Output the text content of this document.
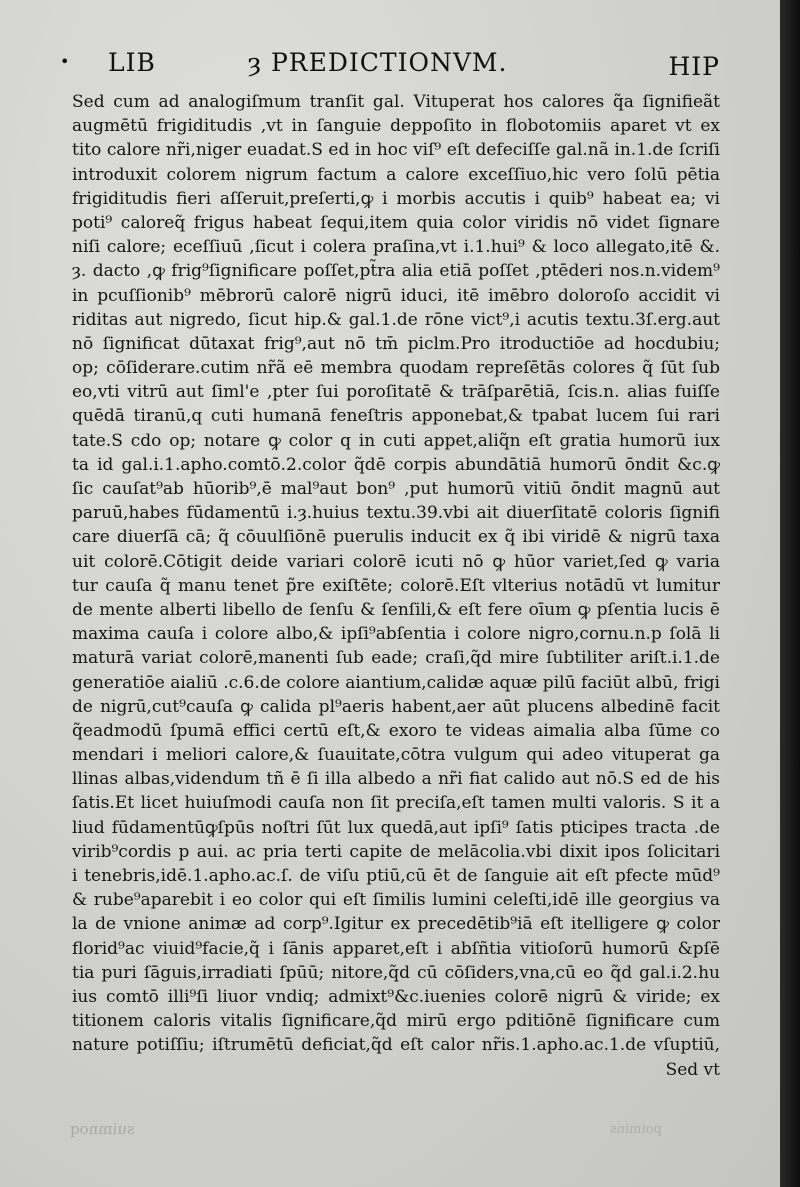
• LIB	ȝ PREDICTIONVM.	HIP
Sed cum ad analogiſmum tranſit gal. Vituperat hos calores q̃a ſignifieãt
augmētū frigiditudis ,vt in ſanguie deppoſito in flobotomiis aparet vt ex
tito calore nr̃i,niger euadat.S ed in hoc viſ⁹ eſt defeciſſe gal.nã in.1.de ſcriſi
introduxit colorem nigrum factum a calore exceſſiuo,hic vero ſolū pētia
frigiditudis fieri aſſeruit,preſerti,ꝙ i morbis accutis i quib⁹ habeat ea; vi
poti⁹ caloreq̃ frigus habeat ſequi,item quia color viridis nō videt ſignare
niſi calore; eceſſiuū ,ſicut i colera praſina,vt i.1.hui⁹ & loco allegato,itē &.
ȝ. dacto ,ꝙ frig⁹ſignificare poſſet,pt̃ra alia etiā poſſet ,ptēderi nos.n.videm⁹
in pcuſſionib⁹ mēbrorū calorē nigrū iduci, itē imēbro doloroſo accidit vi
riditas aut nigredo, ſicut hip.& gal.1.de rōne vict⁹,i acutis textu.3ſ.erg.aut
nō ſignificat dūtaxat frig⁹,aut nō tm̄ piclm.Pro itroductiōe ad hocdubiu;
op; cōſiderare.cutim nr̃ã eē membra quodam repreſētās colores q̃ ſūt ſub
eo,vti vitrū aut ſiml'e ,pter ſui poroſitatē & trāſparētiā, ſcis.n. alias fuiſſe
quēdā tiranū,q cuti humanā feneſtris apponebat,& tpabat lucem ſui rari
tate.S cdo op; notare ꝙ color q in cuti appet,aliq̃n eſt gratia humorū iux
ta id gal.i.1.apho.comtō.2.color q̃dē corpis abundātiā humorū ōndit &c.ꝙ
ſic cauſat⁹ab hūorib⁹,ē mal⁹aut bon⁹ ,put humorū vitiū ōndit magnū aut
paruū,habes fūdamentū i.ȝ.huius textu.39.vbi ait diuerſitatē coloris ſignifi
care diuerſā cā; q̃ cōuulſiōnē puerulis inducit ex q̃ ibi viridē & nigrū taxa
uit colorē.Cōtigit deide variari colorē icuti nō ꝙ hūor variet,ſed ꝙ varia
tur cauſa q̃ manu tenet p̃re exiſtēte; colorē.Eſt vlterius notādū vt lumitur
de mente alberti libello de ſenſu & ſenſili,& eſt fere oīum ꝙ pſentia lucis ē
maxima cauſa i colore albo,& ipſi⁹abſentia i colore nigro,cornu.n.p ſolā li
maturā variat colorē,manenti ſub eade; craſi,q̃d mire ſubtiliter ariſt.i.1.de
generatiōe aialiū .c.6.de colore aiantium,calidæ aquæ pilū faciūt albū, frigi
de nigrū,cut⁹cauſa ꝙ calida pl⁹aeris habent,aer aūt plucens albedinē facit
q̃eadmodū ſpumā effici certū eſt,& exoro te videas aimalia alba ſūme co
mendari i meliori calore,& ſuauitate,cōtra vulgum qui adeo vituperat ga
llinas albas,videndum tñ ē ſi illa albedo a nr̃i fiat calido aut nō.S ed de his
ſatis.Et licet huiuſmodi cauſa non ſit preciſa,eſt tamen multi valoris. S it a
liud fūdamentūꝙſpūs noſtri ſūt lux quedā,aut ipſi⁹ ſatis pticipes tracta .de
virib⁹cordis p aui. ac pria terti capite de melācolia.vbi dixit ipos ſolicitari
i tenebris,idē.1.apho.ac.ſ. de viſu ptiū,cū ēt de ſanguie ait eſt pfecte mūd⁹
& rube⁹aparebit i eo color qui eſt ſimilis lumini celeſti,idē ille georgius va
la de vnione animæ ad corp⁹.Igitur ex precedētib⁹iā eſt itelligere ꝙ color
florid⁹ac viuid⁹facie,q̃ i ſānis apparet,eſt i abſñtia vitioſorū humorū &pſē
tia puri ſāguis,irradiati ſpūū; nitore,q̃d cū cōſiders,vna,cū eo q̃d gal.i.2.hu
ius comtō illi⁹ſi liuor vndiq; admixt⁹&c.iuenies colorē nigrū & viride; ex
titionem caloris vitalis ſignificare,q̃d mirū ergo pditiōnē ſignificare cum
nature potiſſiu; iſtrumētū deficiat,q̃d eſt calor nr̃is.1.apho.ac.1.de vſuptiū,
Sed vt
suimnoq	poimins
